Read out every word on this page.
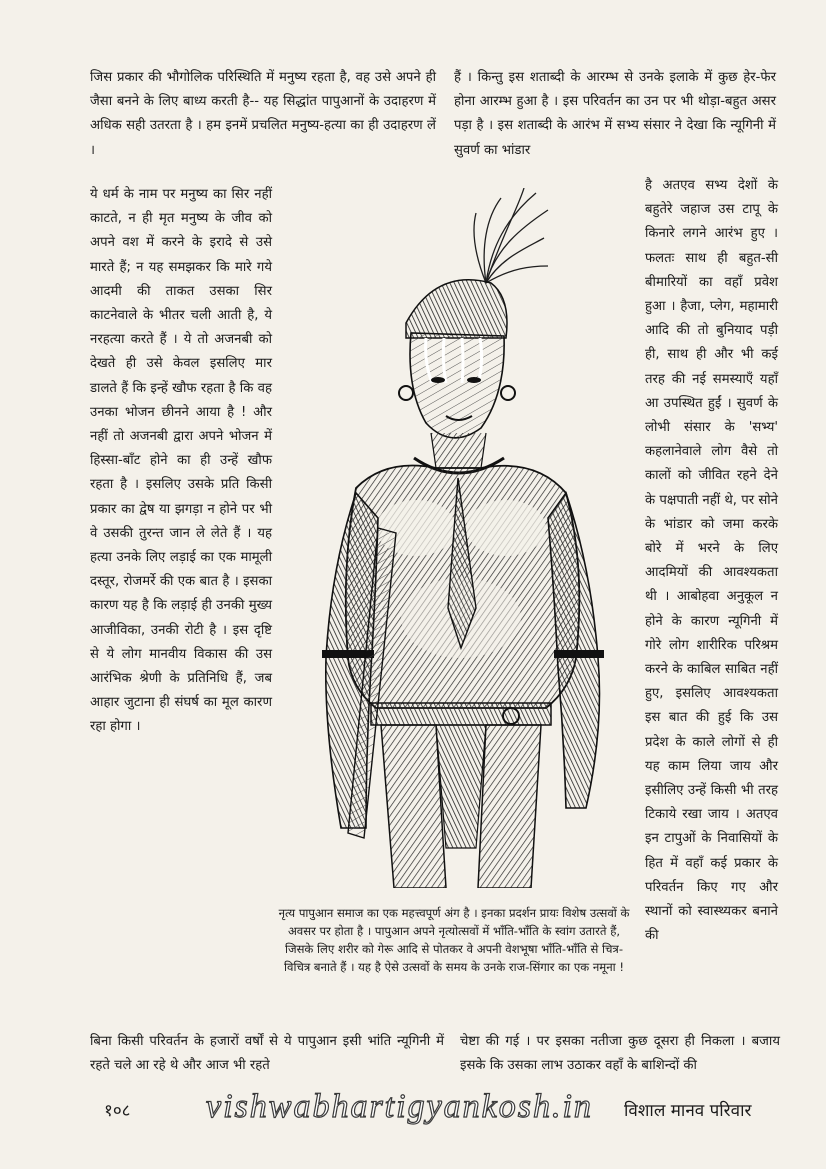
जिस प्रकार की भौगोलिक परिस्थिति में मनुष्य रहता है, वह उसे अपने ही जैसा बनने के लिए बाध्य करती है-- यह सिद्धांत पापुआनों के उदाहरण में अधिक सही उतरता है । हम इनमें प्रचलित मनुष्य-हत्या का ही उदाहरण लें ।

हैं । किन्तु इस शताब्दी के आरम्भ से उनके इलाके में कुछ हेर-फेर होना आरम्भ हुआ है । इस परिवर्तन का उन पर भी थोड़ा-बहुत असर पड़ा है । इस शताब्दी के आरंभ में सभ्य संसार ने देखा कि न्यूगिनी में सुवर्ण का भांडार

ये धर्म के नाम पर मनुष्य का सिर नहीं काटते, न ही मृत मनुष्य के जीव को अपने वश में करने के इरादे से उसे मारते हैं; न यह समझकर कि मारे गये आदमी की ताकत उसका सिर काटनेवाले के भीतर चली आती है, ये नरहत्या करते हैं । ये तो अजनबी को देखते ही उसे केवल इसलिए मार डालते हैं कि इन्हें खौफ रहता है कि वह उनका भोजन छीनने आया है ! और नहीं तो अजनबी द्वारा अपने भोजन में हिस्सा-बाँट होने का ही उन्हें खौफ रहता है । इसलिए उसके प्रति किसी प्रकार का द्वेष या झगड़ा न होने पर भी वे उसकी तुरन्त जान ले लेते हैं । यह हत्या उनके लिए लड़ाई का एक मामूली दस्तूर, रोजमर्रे की एक बात है । इसका कारण यह है कि लड़ाई ही उनकी मुख्य आजीविका, उनकी रोटी है । इस दृष्टि से ये लोग मानवीय विकास की उस आरंभिक श्रेणी के प्रतिनिधि हैं, जब आहार जुटाना ही संघर्ष का मूल कारण रहा होगा ।

है अतएव सभ्य देशों के बहुतेरे जहाज उस टापू के किनारे लगने आरंभ हुए । फलतः साथ ही बहुत-सी बीमारियों का वहाँ प्रवेश हुआ । हैजा, प्लेग, महामारी आदि की तो बुनियाद पड़ी ही, साथ ही और भी कई तरह की नई समस्याएँ यहाँ आ उपस्थित हुईं । सुवर्ण के लोभी संसार के 'सभ्य' कहलानेवाले लोग वैसे तो कालों को जीवित रहने देने के पक्षपाती नहीं थे, पर सोने के भांडार को जमा करके बोरे में भरने के लिए आदमियों की आवश्यकता थी । आबोहवा अनुकूल न होने के कारण न्यूगिनी में गोरे लोग शारीरिक परिश्रम करने के काबिल साबित नहीं हुए, इसलिए आवश्यकता इस बात की हुई कि उस प्रदेश के काले लोगों से ही यह काम लिया जाय और इसीलिए उन्हें किसी भी तरह टिकाये रखा जाय । अतएव इन टापुओं के निवासियों के हित में वहाँ कई प्रकार के परिवर्तन किए गए और स्थानों को स्वास्थ्यकर बनाने की

नृत्य पापुआन समाज का एक महत्त्वपूर्ण अंग है । इनका प्रदर्शन प्रायः विशेष उत्सवों के अवसर पर होता है । पापुआन अपने नृत्योत्सवों में भाँति-भाँति के स्वांग उतारते हैं, जिसके लिए शरीर को गेरू आदि से पोतकर वे अपनी वेशभूषा भाँति-भाँति से चित्र-विचित्र बनाते हैं । यह है ऐसे उत्सवों के समय के उनके राज-सिंगार का एक नमूना !

बिना किसी परिवर्तन के हजारों वर्षों से ये पापुआन इसी भांति न्यूगिनी में रहते चले आ रहे थे और आज भी रहते

चेष्टा की गई । पर इसका नतीजा कुछ दूसरा ही निकला । बजाय इसके कि उसका लाभ उठाकर वहाँ के बाशिन्दों की

१०८ vishwabhartigyankosh.in विशाल मानव परिवार
